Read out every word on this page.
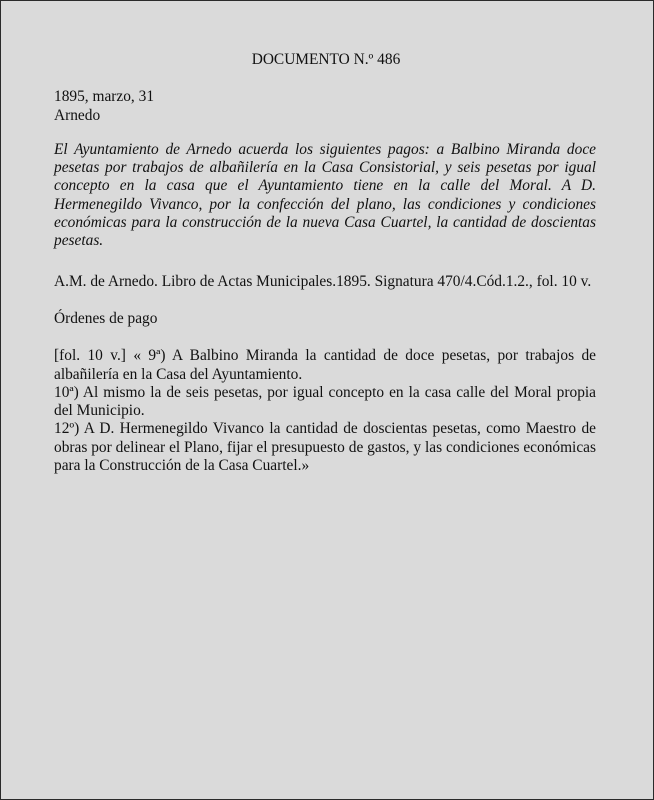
DOCUMENTO N.º 486

1895, marzo, 31

Arnedo

El Ayuntamiento de Arnedo acuerda los siguientes pagos: a Balbino Miranda doce pesetas por trabajos de albañilería en la Casa Consistorial, y seis pesetas por igual concepto en la casa que el Ayuntamiento tiene en la calle del Moral. A D. Hermenegildo Vivanco, por la confección del plano, las condiciones y condiciones económicas para la construcción de la nueva Casa Cuartel, la cantidad de doscientas pesetas.

A.M. de Arnedo. Libro de Actas Municipales.1895. Signatura 470/4.Cód.1.2., fol. 10 v.

Órdenes de pago

[fol. 10 v.] « 9ª) A Balbino Miranda la cantidad de doce pesetas, por trabajos de albañilería en la Casa del Ayuntamiento.

10ª) Al mismo la de seis pesetas, por igual concepto en la casa calle del Moral propia del Municipio.

12º) A D. Hermenegildo Vivanco la cantidad de doscientas pesetas, como Maestro de obras por delinear el Plano, fijar el presupuesto de gastos, y las condiciones económicas para la Construcción de la Casa Cuartel.»
